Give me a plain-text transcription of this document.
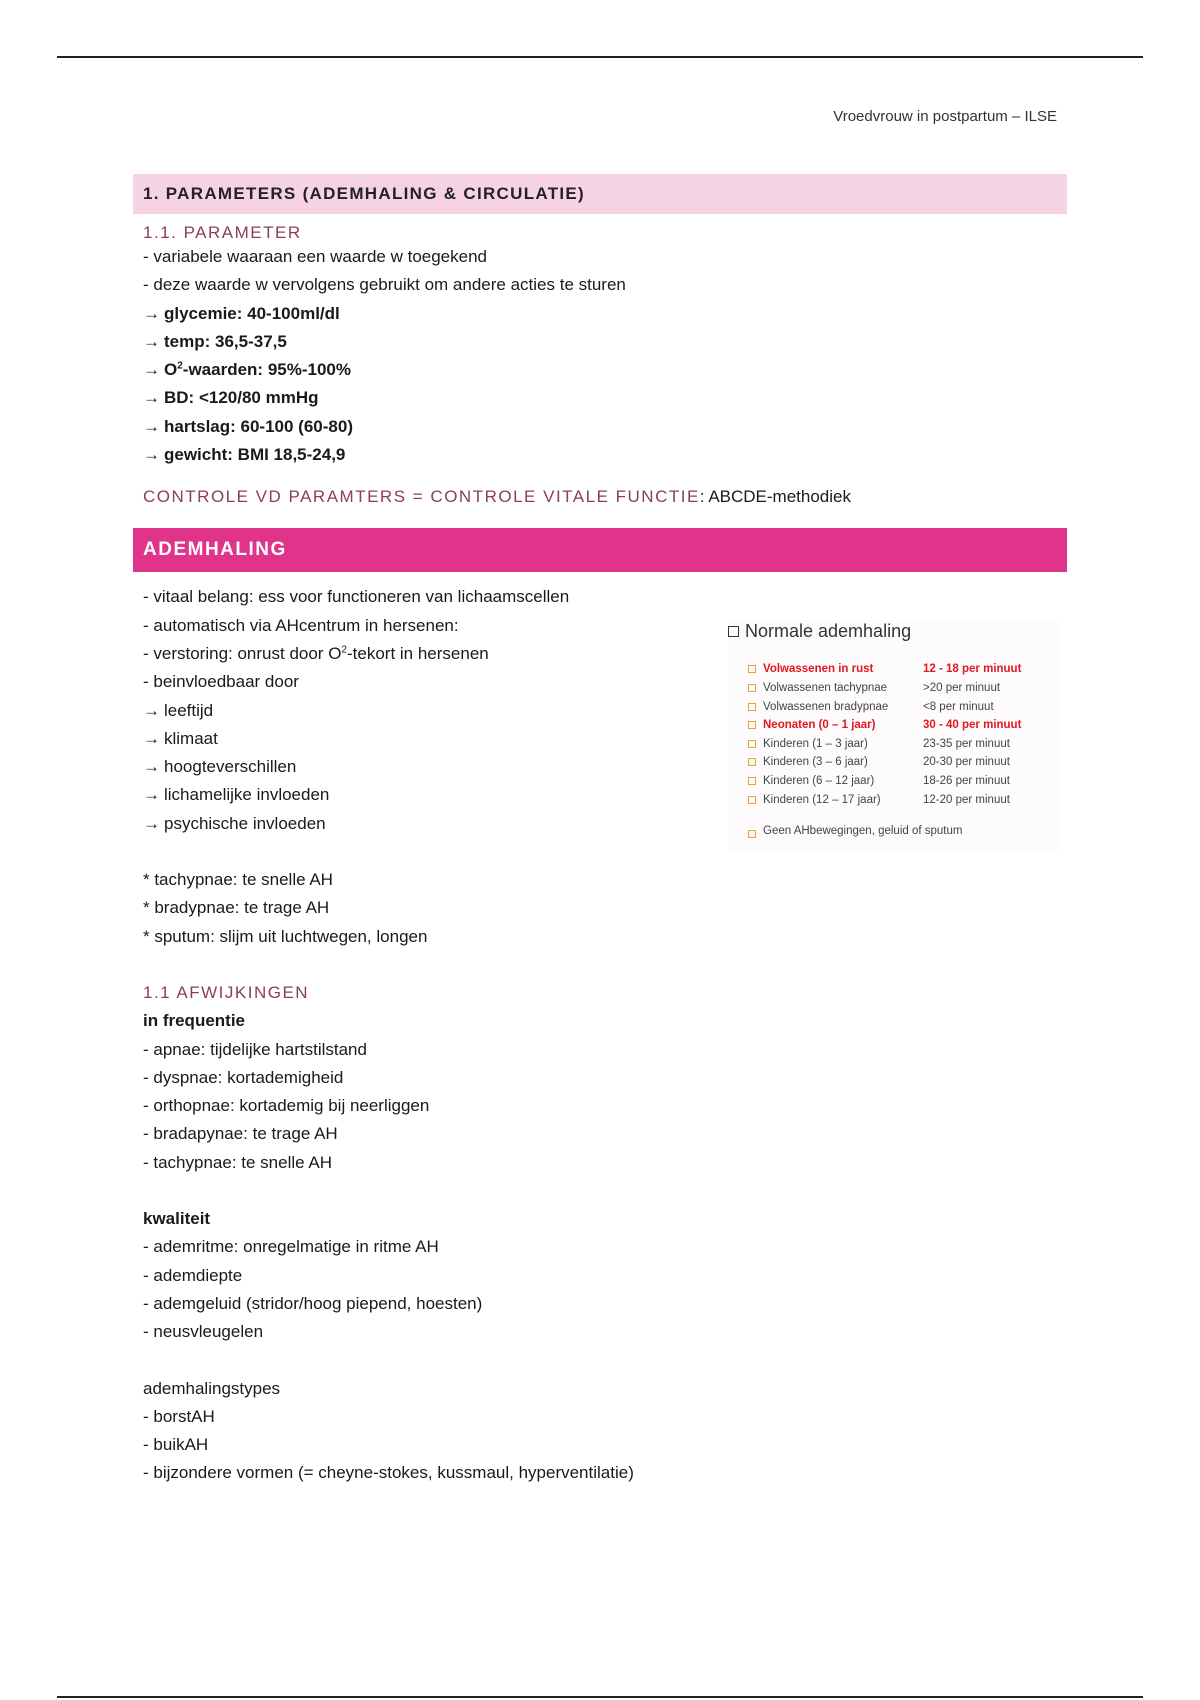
Vroedvrouw in postpartum – ILSE
1. PARAMETERS (ADEMHALING & CIRCULATIE)
1.1. PARAMETER
- variabele waaraan een waarde w toegekend
- deze waarde w vervolgens gebruikt om andere acties te sturen
→ glycemie: 40-100ml/dl
→ temp: 36,5-37,5
→ $O^2$-waarden: 95%-100%
→ BD: <120/80 mmHg
→ hartslag: 60-100 (60-80)
→ gewicht: BMI 18,5-24,9
CONTROLE VD PARAMTERS = CONTROLE VITALE FUNCTIE: ABCDE-methodiek
ADEMHALING
- vitaal belang: ess voor functioneren van lichaamscellen
- automatisch via AHcentrum in hersenen:
- verstoring: onrust door $O^2$-tekort in hersenen
- beinvloedbaar door
→ leeftijd
→ klimaat
→ hoogteverschillen
→ lichamelijke invloeden
→ psychische invloeden
* tachypnae: te snelle AH
* bradypnae: te trage AH
* sputum: slijm uit luchtwegen, longen
1.1 AFWIJKINGEN
in frequentie
- apnae: tijdelijke hartstilstand
- dyspnae: kortademigheid
- orthopnae: kortademig bij neerliggen
- bradapynae: te trage AH
- tachypnae: te snelle AH
kwaliteit
- ademritme: onregelmatige in ritme AH
- ademdiepte
- ademgeluid (stridor/hoog piepend, hoesten)
- neusvleugelen
ademhalingstypes
- borstAH
- buikAH
- bijzondere vormen (= cheyne-stokes, kussmaul, hyperventilatie)
Normale ademhaling
Volwassenen in rust	12 - 18 per minuut
Volwassenen tachypnae	>20 per minuut
Volwassenen bradypnae	<8 per minuut
Neonaten (0 – 1 jaar)	30 - 40 per minuut
Kinderen (1 – 3 jaar)	23-35 per minuut
Kinderen (3 – 6 jaar)	20-30 per minuut
Kinderen (6 – 12 jaar)	18-26 per minuut
Kinderen (12 – 17 jaar)	12-20 per minuut
Geen AHbewegingen, geluid of sputum
